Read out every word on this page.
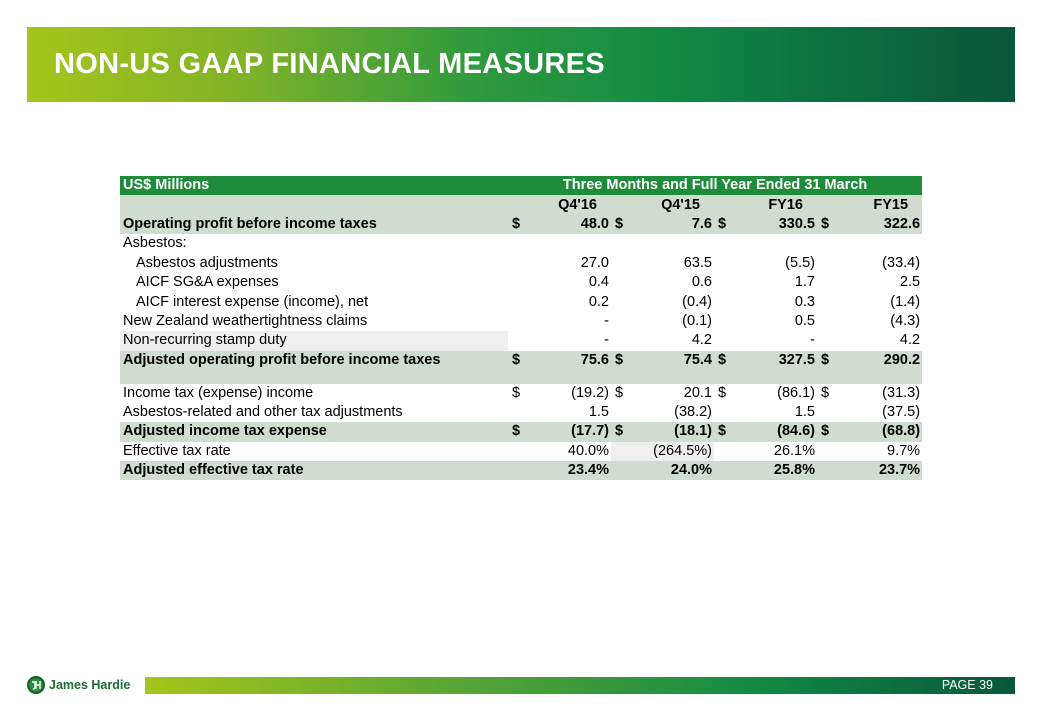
NON-US GAAP FINANCIAL MEASURES
US$ Millions	Three Months and Full Year Ended 31 March							
	Q4'16		Q4'15		FY16		FY15	
Operating profit before income taxes	$	48.0	$	7.6	$	330.5	$	322.6
Asbestos:								
Asbestos adjustments		27.0		63.5		(5.5)		(33.4)
AICF SG&A expenses		0.4		0.6		1.7		2.5
AICF interest expense (income), net		0.2		(0.4)		0.3		(1.4)
New Zealand weathertightness claims		-		(0.1)		0.5		(4.3)
Non-recurring stamp duty		-		4.2		-		4.2
Adjusted operating profit before income taxes	$	75.6	$	75.4	$	327.5	$	290.2
Income tax (expense) income	$	(19.2)	$	20.1	$	(86.1)	$	(31.3)
Asbestos-related and other tax adjustments		1.5		(38.2)		1.5		(37.5)
Adjusted income tax expense	$	(17.7)	$	(18.1)	$	(84.6)	$	(68.8)
Effective tax rate		40.0%		(264.5%)		26.1%		9.7%
Adjusted effective tax rate		23.4%		24.0%		25.8%		23.7%
James Hardie	PAGE 39
